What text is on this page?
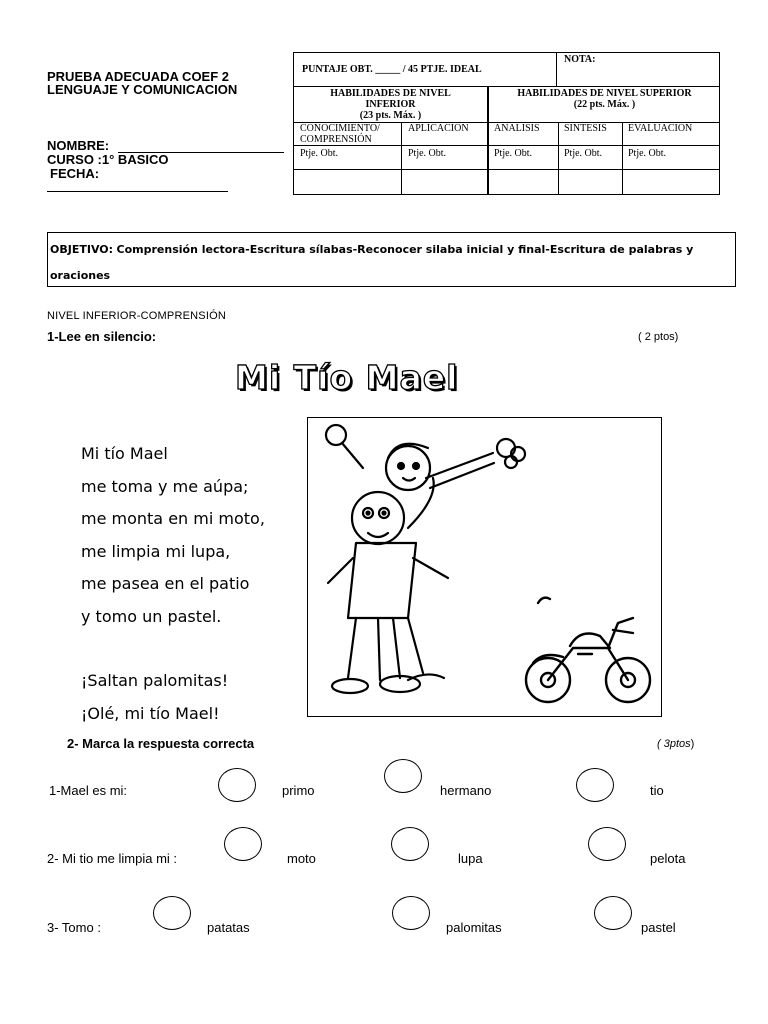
PRUEBA ADECUADA COEF 2
LENGUAJE Y COMUNICACION
NOMBRE:
CURSO :1° BASICO
FECHA:
PUNTAJE OBT. _____ / 45 PTJE. IDEAL
NOTA:
HABILIDADES DE NIVEL
INFERIOR
(23 pts. Máx. )
HABILIDADES DE NIVEL SUPERIOR
(22 pts. Máx. )
CONOCIMIENTO/
COMPRENSIÓN
APLICACION	ANALISIS SINTESIS EVALUACION
Ptje. Obt.	Ptje. Obt.	Ptje. Obt.	Ptje. Obt.	Ptje. Obt.
OBJETIVO: Comprensión lectora-Escritura sílabas-Reconocer silaba inicial y final-Escritura de palabras y oraciones
NIVEL INFERIOR-COMPRENSIÓN
1-Lee en silencio:	( 2 ptos)
Mi Tío Mael
Mi tío Mael
me toma y me aúpa;
me monta en mi moto,
me limpia mi lupa,
me pasea en el patio
y tomo un pastel.
¡Saltan palomitas!
¡Olé, mi tío Mael!
2- Marca la respuesta correcta	( 3ptos)
1-Mael es mi:	primo	hermano	tio
2- Mi tio me limpia mi :	moto	lupa	pelota
3- Tomo :	patatas	palomitas	pastel
